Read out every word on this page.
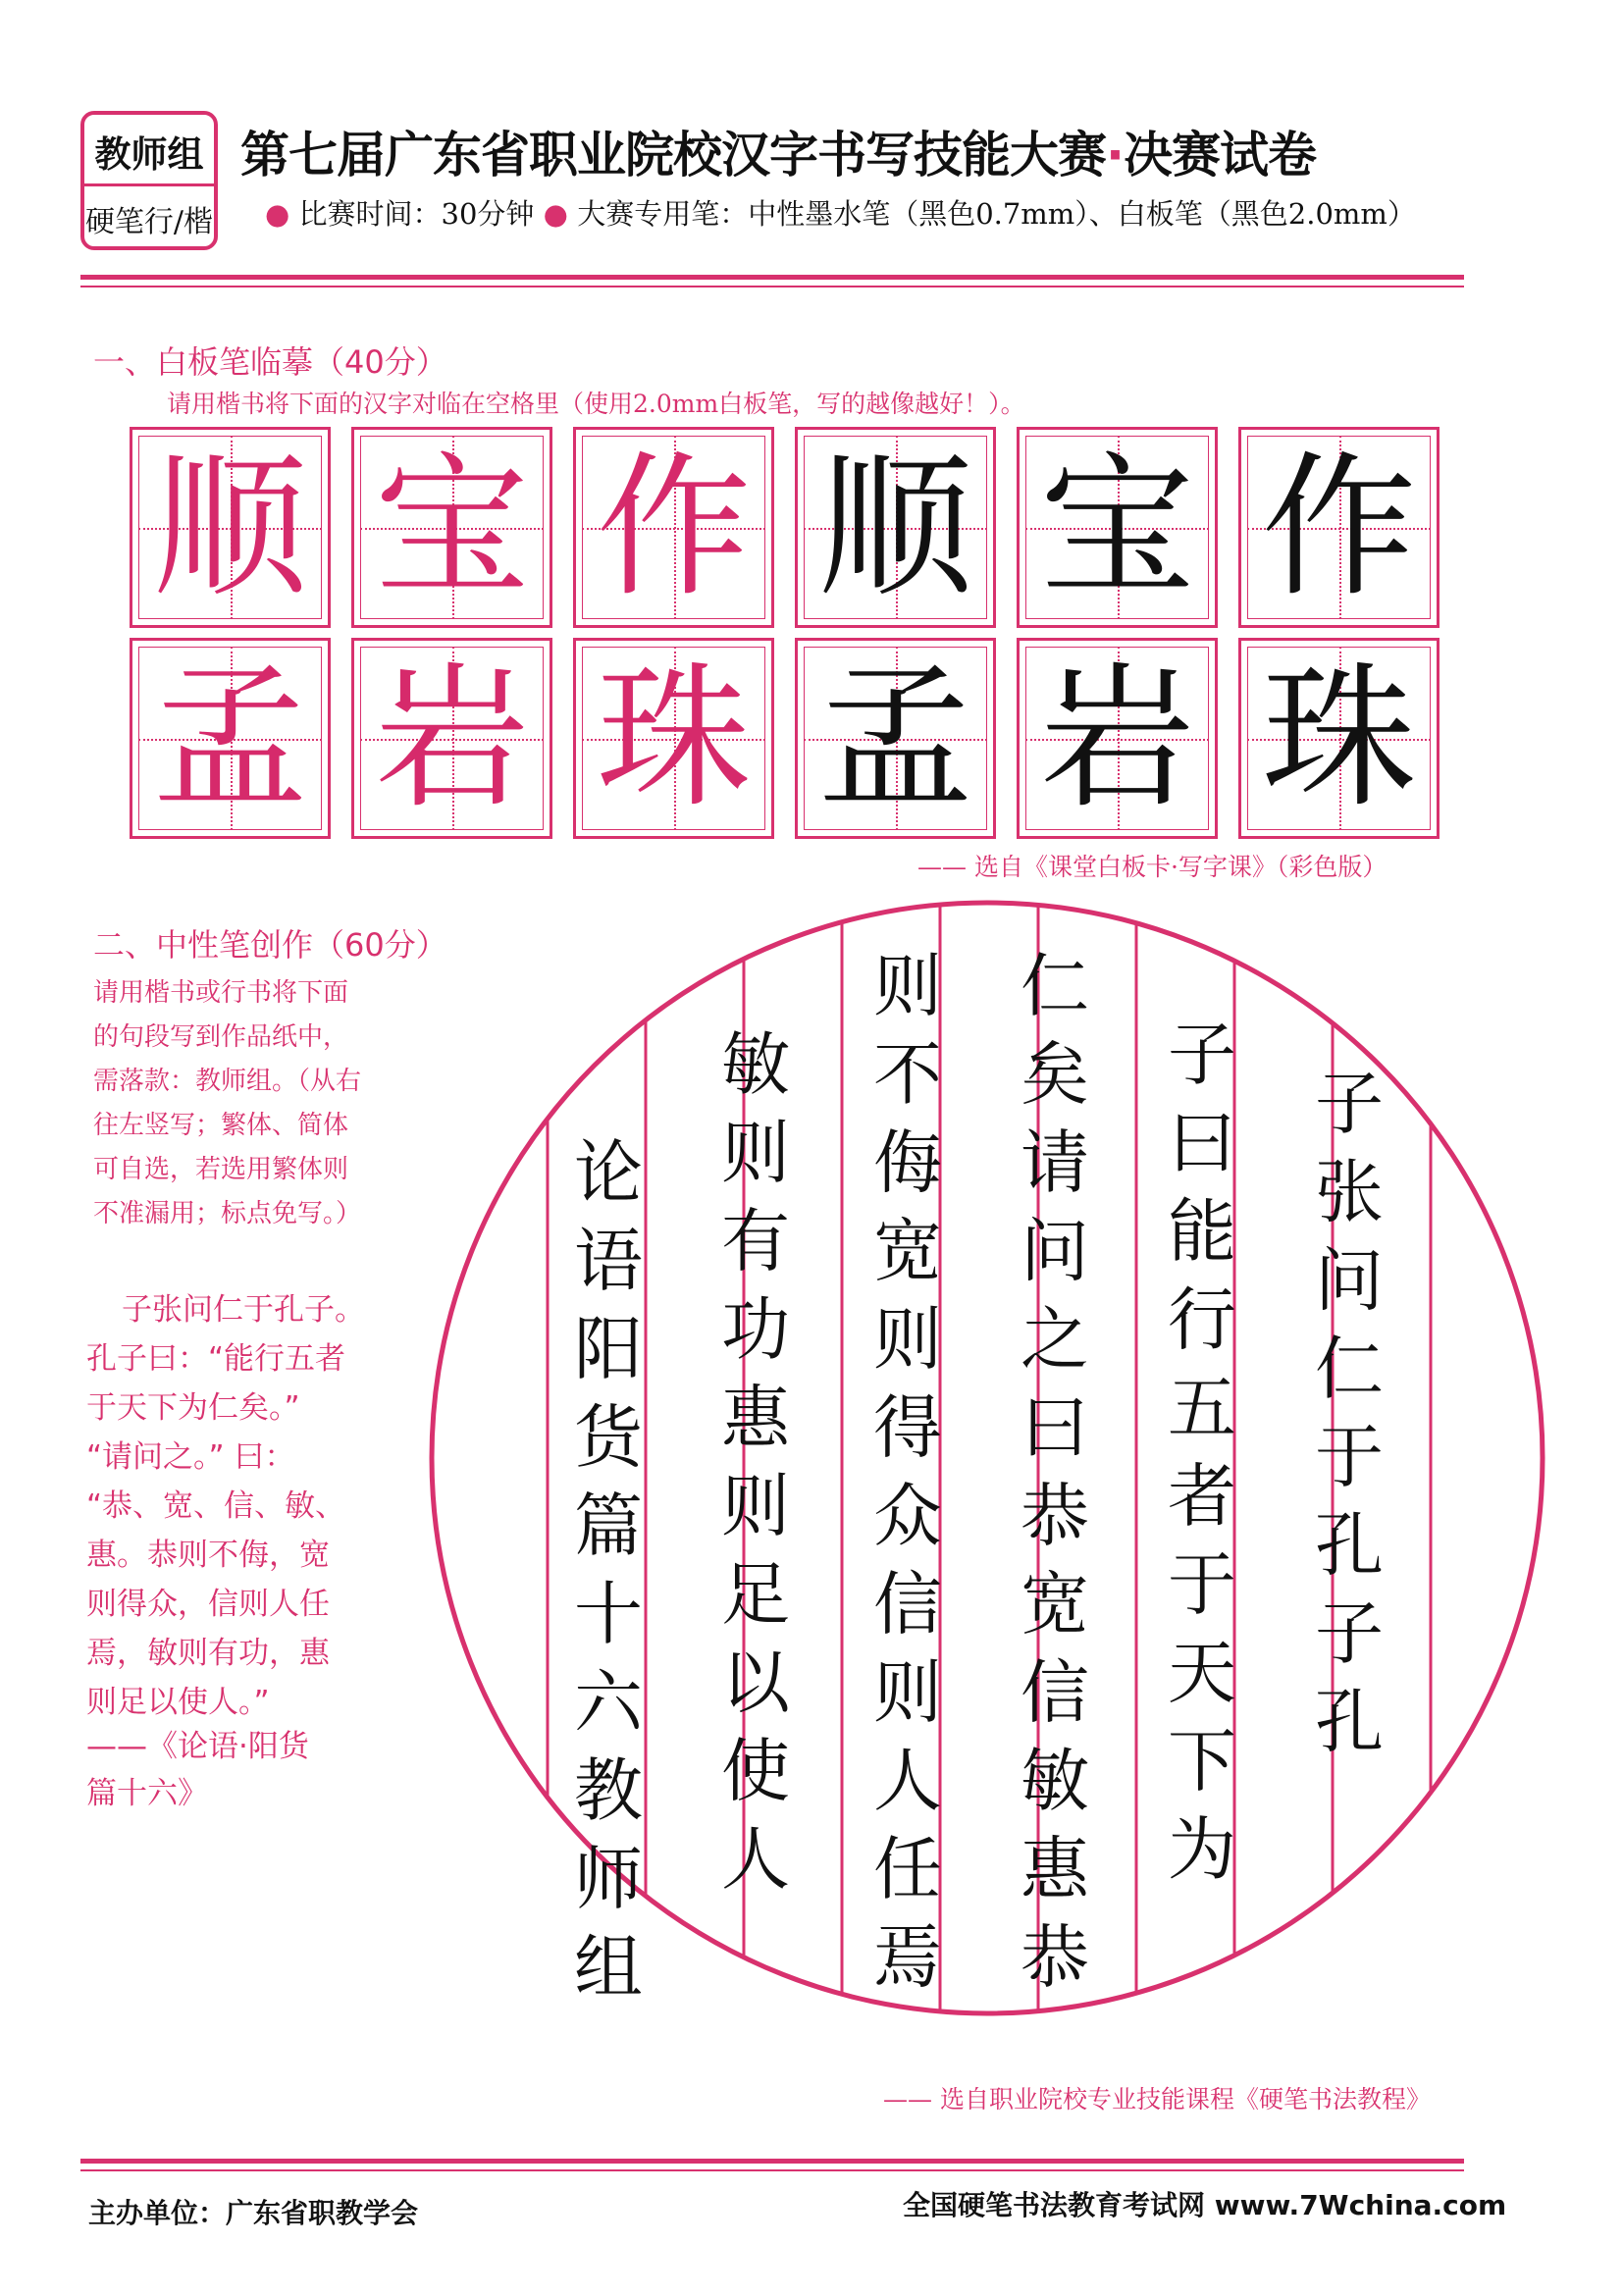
教师组
硬笔行/楷
第七届广东省职业院校汉字书写技能大赛·决赛试卷
● 比赛时间：30分钟 ● 大赛专用笔：中性墨水笔（黑色0.7mm）、白板笔（黑色2.0mm）
一、白板笔临摹（40分）
请用楷书将下面的汉字对临在空格里（使用2.0mm白板笔，写的越像越好！）。
顺 宝 作 顺 宝 作
孟 岩 珠 孟 岩 珠
—— 选自《课堂白板卡·写字课》（彩色版）
二、中性笔创作（60分）
请用楷书或行书将下面的句段写到作品纸中，需落款：教师组。（从右往左竖写；繁体、简体可自选，若选用繁体则不准漏用；标点免写。）
子张问仁于孔子。
孔子曰：“能行五者
于天下为仁矣。”
“请问之。” 曰：
“恭、宽、信、敏、
惠。恭则不侮，宽
则得众，信则人任
焉，敏则有功，惠
则足以使人。”
——《论语·阳货
篇十六》
子
张
问
仁
于
孔
子
孔
子
曰
能
行
五
者
于
天
下
为
仁
矣
请
问
之
曰
恭
宽
信
敏
惠
恭
则
不
侮
宽
则
得
众
信
则
人
任
焉
敏
则
有
功
惠
则
足
以
使
人
论
语
阳
货
篇
十
六
教
师
组
—— 选自职业院校专业技能课程《硬笔书法教程》
主办单位：广东省职教学会	全国硬笔书法教育考试网 www.7Wchina.com
